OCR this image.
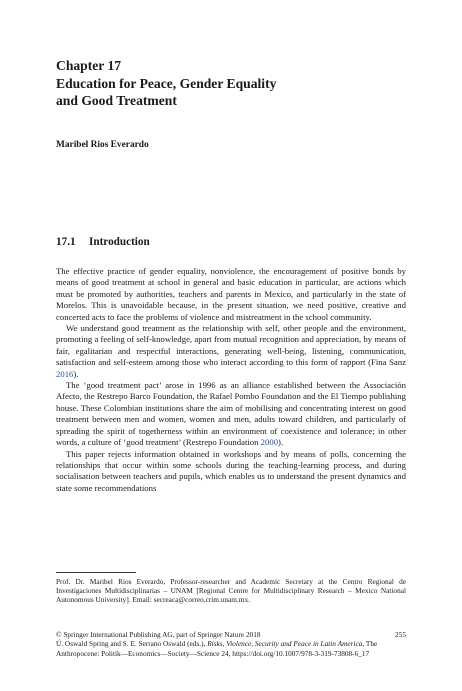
Chapter 17
Education for Peace, Gender Equality
and Good Treatment
Maribel Rios Everardo
17.1 Introduction

The effective practice of gender equality, nonviolence, the encouragement of positive bonds by means of good treatment at school in general and basic education in particular, are actions which must be promoted by authorities, teachers and parents in Mexico, and particularly in the state of Morelos. This is unavoidable because, in the present situation, we need positive, creative and concerted acts to face the problems of violence and mistreatment in the school community.

We understand good treatment as the relationship with self, other people and the environment, promoting a feeling of self-knowledge, apart from mutual recognition and appreciation, by means of fair, egalitarian and respectful interactions, generating well-being, listening, communication, satisfaction and self-esteem among those who interact according to this form of rapport (Fina Sanz 2016).

The ‘good treatment pact’ arose in 1996 as an alliance established between the Associación Afecto, the Restrepo Barco Foundation, the Rafael Pombo Foundation and the El Tiempo publishing house. These Colombian institutions share the aim of mobilising and concentrating interest on good treatment between men and women, women and men, adults toward children, and particularly of spreading the spirit of togetherness within an environment of coexistence and tolerance; in other words, a culture of ‘good treatment’ (Restrepo Foundation 2000).

This paper rejects information obtained in workshops and by means of polls, concerning the relationships that occur within some schools during the teaching-learning process, and during socialisation between teachers and pupils, which enables us to understand the present dynamics and state some recommendations

Prof. Dr. Maribel Rios Everardo, Professor-researcher and Academic Secretary at the Centro Regional de Investigaciones Multidisciplinarias – UNAM [Regional Centre for Multidisciplinary Research – Mexico National Autonomous University]. Email: secreaca@correo.crim.unam.mx.
© Springer International Publishing AG, part of Springer Nature 2018	255
Ú. Oswald Spring and S. E. Serrano Oswald (eds.), Risks, Violence, Security and Peace in Latin America, The Anthropocene: Politik—Economics—Society—Science 24, https://doi.org/10.1007/978-3-319-73808-6_17
